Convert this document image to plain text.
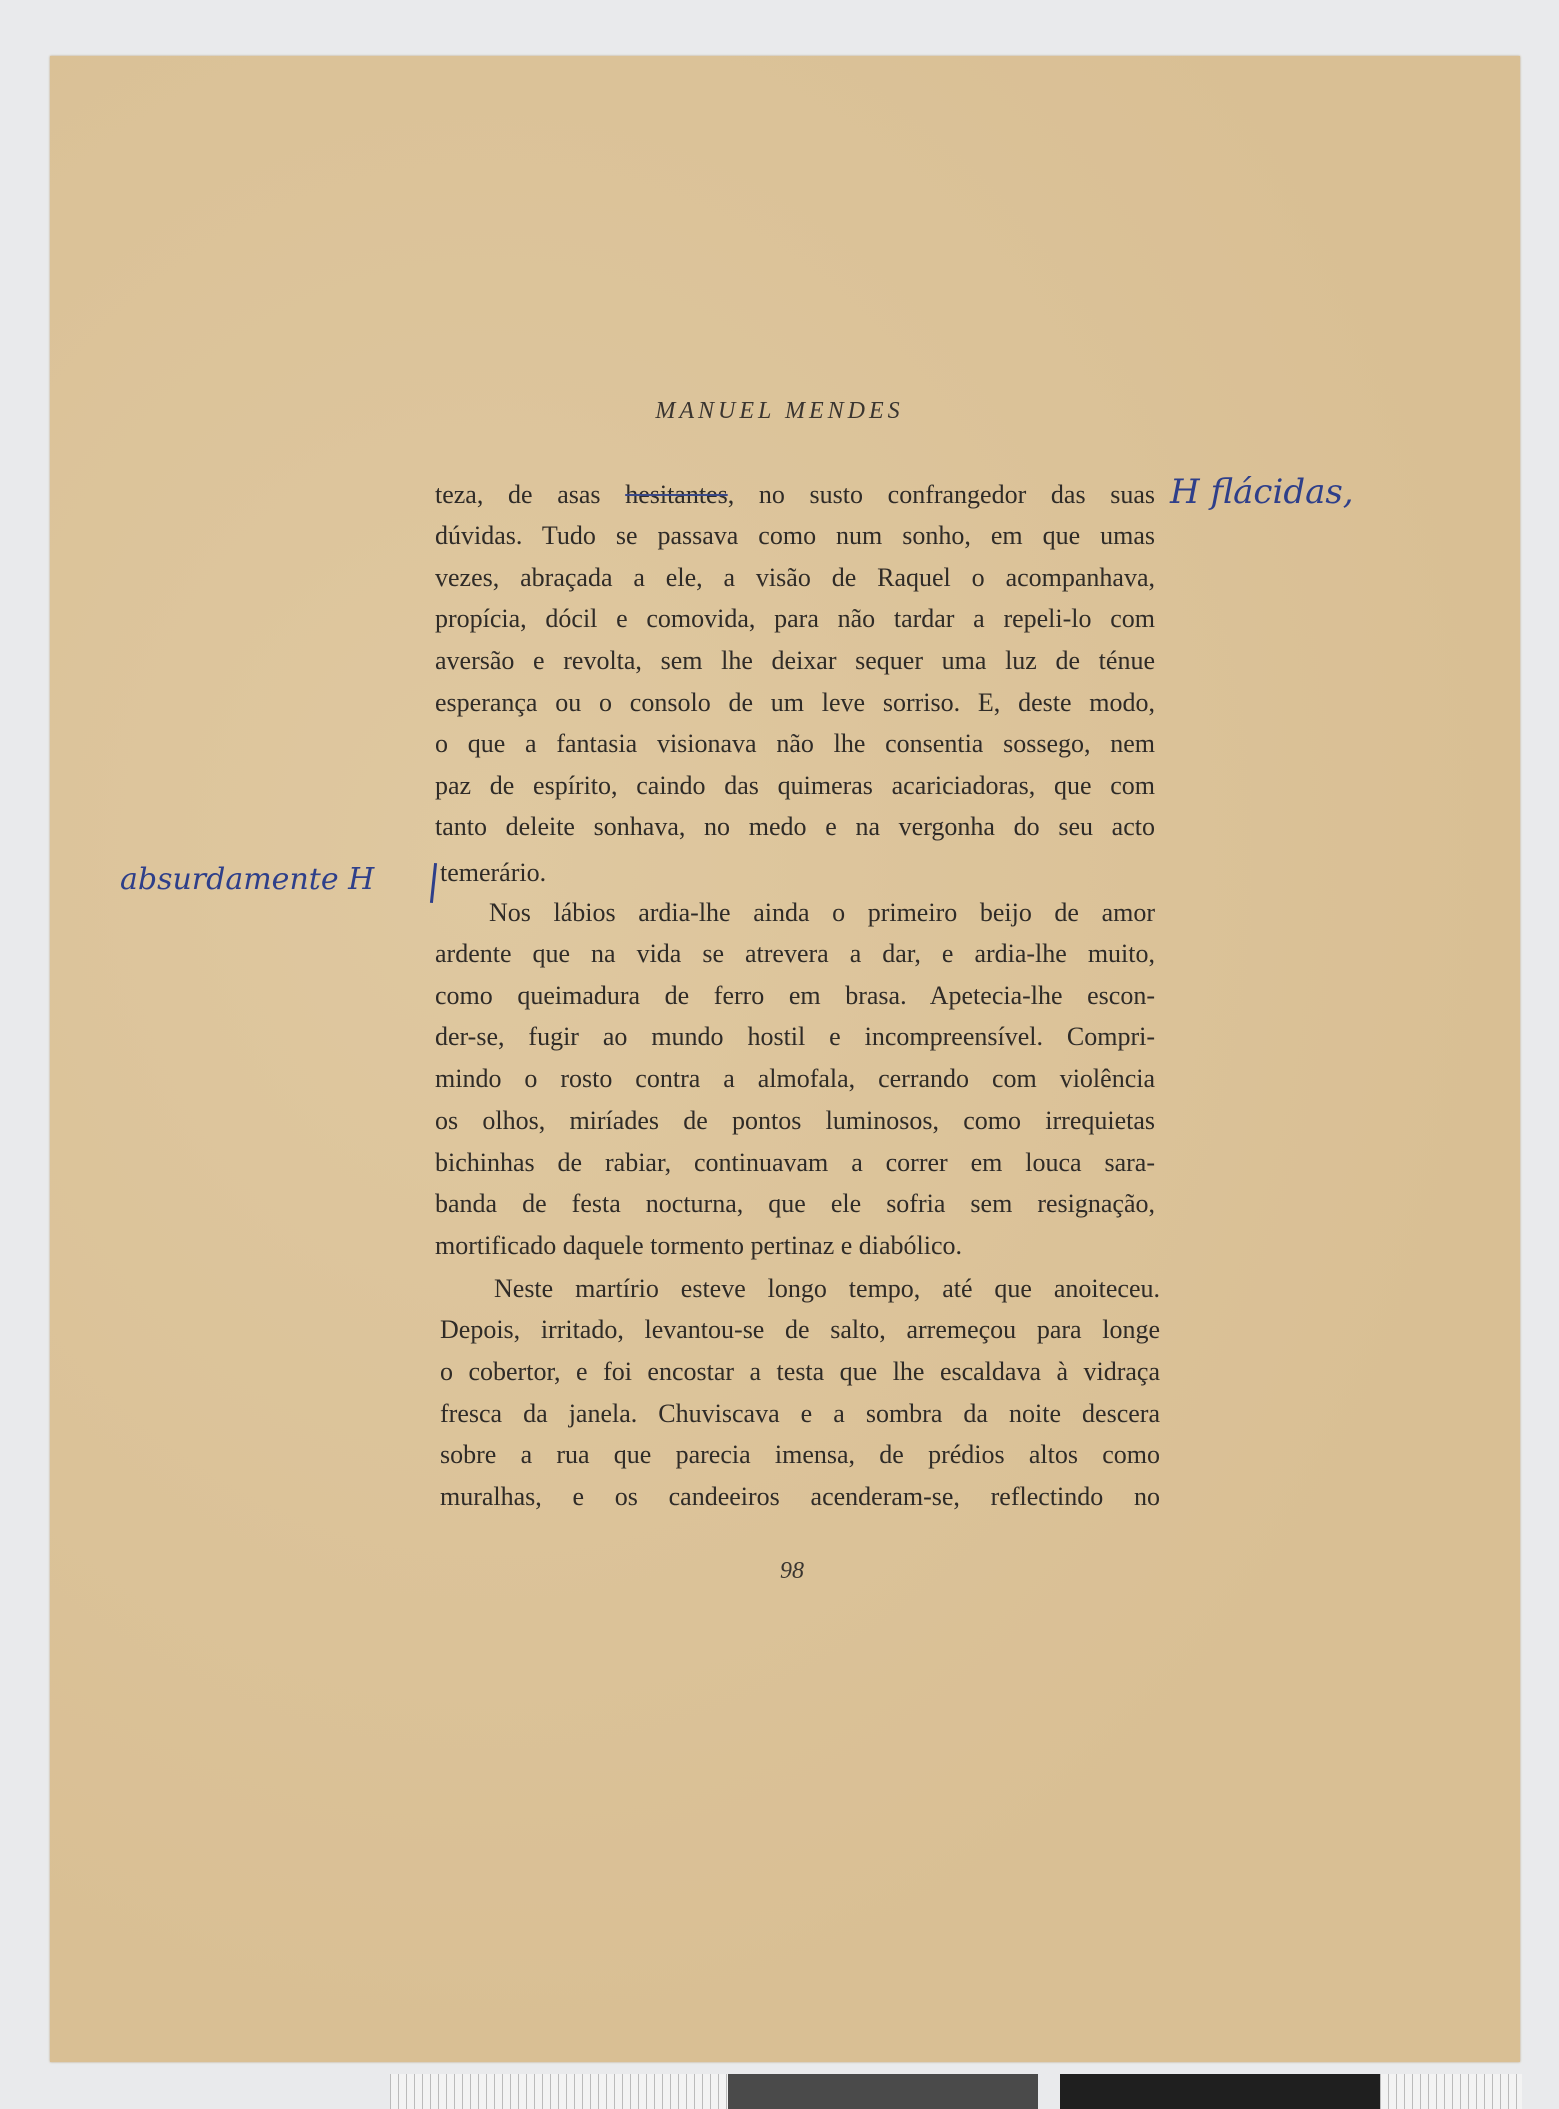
MANUEL MENDES
teza, de asas hesitantes, no susto confrangedor das suas
dúvidas. Tudo se passava como num sonho, em que umas
vezes, abraçada a ele, a visão de Raquel o acompanhava,
propícia, dócil e comovida, para não tardar a repeli-lo com
aversão e revolta, sem lhe deixar sequer uma luz de ténue
esperança ou o consolo de um leve sorriso. E, deste modo,
o que a fantasia visionava não lhe consentia sossego, nem
paz de espírito, caindo das quimeras acariciadoras, que com
tanto deleite sonhava, no medo e na vergonha do seu acto
temerário.
Nos lábios ardia-lhe ainda o primeiro beijo de amor
ardente que na vida se atrevera a dar, e ardia-lhe muito,
como queimadura de ferro em brasa. Apetecia-lhe escon-
der-se, fugir ao mundo hostil e incompreensível. Compri-
mindo o rosto contra a almofala, cerrando com violência
os olhos, miríades de pontos luminosos, como irrequietas
bichinhas de rabiar, continuavam a correr em louca sara-
banda de festa nocturna, que ele sofria sem resignação,
mortificado daquele tormento pertinaz e diabólico.
Neste martírio esteve longo tempo, até que anoiteceu.
Depois, irritado, levantou-se de salto, arremeçou para longe
o cobertor, e foi encostar a testa que lhe escaldava à vidraça
fresca da janela. Chuviscava e a sombra da noite descera
sobre a rua que parecia imensa, de prédios altos como
muralhas, e os candeeiros acenderam-se, reflectindo no
H flácidas,
absurdamente H
98
